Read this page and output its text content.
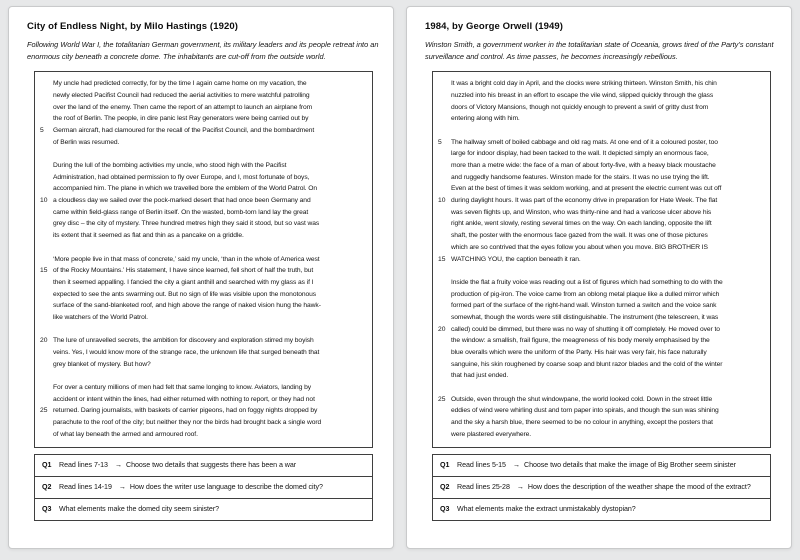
City of Endless Night, by Milo Hastings (1920)

Following World War I, the totalitarian German government, its military leaders and its people retreat into an enormous city beneath a concrete dome. The inhabitants are cut-off from the outside world.

My uncle had predicted correctly, for by the time I again came home on my vacation, the
newly elected Pacifist Council had reduced the aerial activities to mere watchful patrolling
over the land of the enemy. Then came the report of an attempt to launch an airplane from
the roof of Berlin. The people, in dire panic lest Ray generators were being carried out by
5	German aircraft, had clamoured for the recall of the Pacifist Council, and the bombardment
of Berlin was resumed.
During the lull of the bombing activities my uncle, who stood high with the Pacifist
Administration, had obtained permission to fly over Europe, and I, most fortunate of boys,
accompanied him. The plane in which we travelled bore the emblem of the World Patrol. On
10 a cloudless day we sailed over the pock-marked desert that had once been Germany and
came within field-glass range of Berlin itself. On the wasted, bomb-torn land lay the great
grey disc – the city of mystery. Three hundred metres high they said it stood, but so vast was
its extent that it seemed as flat and thin as a pancake on a griddle.
‘More people live in that mass of concrete,’ said my uncle, ‘than in the whole of America west
15 of the Rocky Mountains.’ His statement, I have since learned, fell short of half the truth, but
then it seemed appalling. I fancied the city a giant anthill and searched with my glass as if I
expected to see the ants swarming out. But no sign of life was visible upon the monotonous
surface of the sand-blanketed roof, and high above the range of naked vision hung the hawk-
like watchers of the World Patrol.
20 The lure of unravelled secrets, the ambition for discovery and exploration stirred my boyish
veins. Yes, I would know more of the strange race, the unknown life that surged beneath that
grey blanket of mystery. But how?
For over a century millions of men had felt that same longing to know. Aviators, landing by
accident or intent within the lines, had either returned with nothing to report, or they had not
25 returned. Daring journalists, with baskets of carrier pigeons, had on foggy nights dropped by
parachute to the roof of the city; but neither they nor the birds had brought back a single word
of what lay beneath the armed and armoured roof.
Q1	Read lines 7-13 → Choose two details that suggests there has been a war
Q2	Read lines 14-19 → How does the writer use language to describe the domed city?
Q3	What elements make the domed city seem sinister?
1984, by George Orwell (1949)

Winston Smith, a government worker in the totalitarian state of Oceania, grows tired of the Party’s constant surveillance and control. As time passes, he becomes increasingly rebellious.

It was a bright cold day in April, and the clocks were striking thirteen. Winston Smith, his chin
nuzzled into his breast in an effort to escape the vile wind, slipped quickly through the glass
doors of Victory Mansions, though not quickly enough to prevent a swirl of gritty dust from
entering along with him.
5	The hallway smelt of boiled cabbage and old rag mats. At one end of it a coloured poster, too
large for indoor display, had been tacked to the wall. It depicted simply an enormous face,
more than a metre wide: the face of a man of about forty-five, with a heavy black moustache
and ruggedly handsome features. Winston made for the stairs. It was no use trying the lift.
Even at the best of times it was seldom working, and at present the electric current was cut off
10 during daylight hours. It was part of the economy drive in preparation for Hate Week. The flat
was seven flights up, and Winston, who was thirty-nine and had a varicose ulcer above his
right ankle, went slowly, resting several times on the way. On each landing, opposite the lift
shaft, the poster with the enormous face gazed from the wall. It was one of those pictures
which are so contrived that the eyes follow you about when you move. BIG BROTHER IS
15 WATCHING YOU, the caption beneath it ran.
Inside the flat a fruity voice was reading out a list of figures which had something to do with the
production of pig-iron. The voice came from an oblong metal plaque like a dulled mirror which
formed part of the surface of the right-hand wall. Winston turned a switch and the voice sank
somewhat, though the words were still distinguishable. The instrument (the telescreen, it was
20 called) could be dimmed, but there was no way of shutting it off completely. He moved over to
the window: a smallish, frail figure, the meagreness of his body merely emphasised by the
blue overalls which were the uniform of the Party. His hair was very fair, his face naturally
sanguine, his skin roughened by coarse soap and blunt razor blades and the cold of the winter
that had just ended.
25 Outside, even through the shut windowpane, the world looked cold. Down in the street little
eddies of wind were whirling dust and torn paper into spirals, and though the sun was shining
and the sky a harsh blue, there seemed to be no colour in anything, except the posters that
were plastered everywhere.
Q1	Read lines 5-15 → Choose two details that make the image of Big Brother seem sinister
Q2	Read lines 25-28 → How does the description of the weather shape the mood of the extract?
Q3	What elements make the extract unmistakably dystopian?
